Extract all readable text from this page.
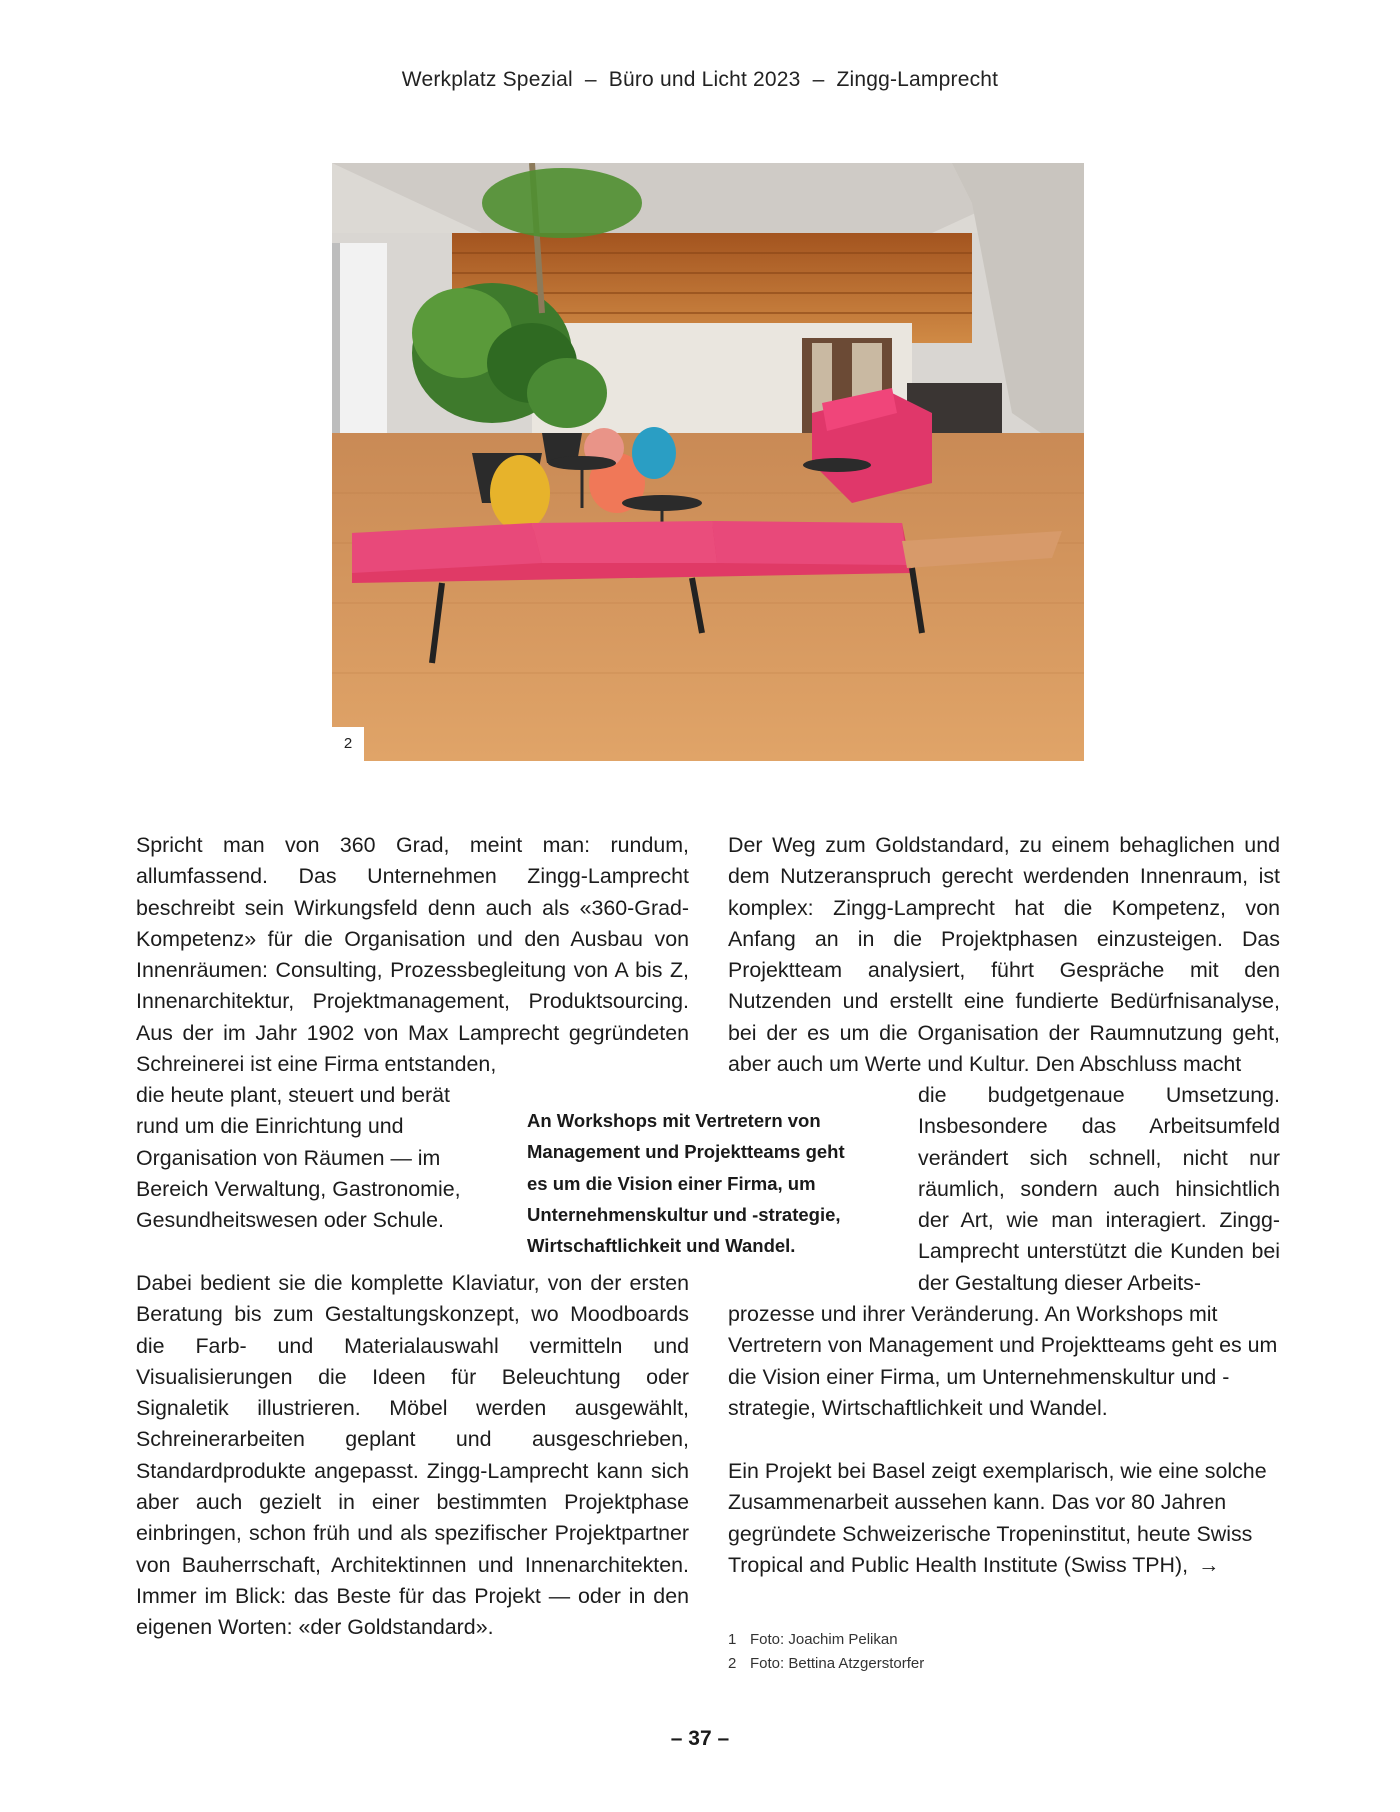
Werkplatz Spezial – Büro und Licht 2023 – Zingg-Lamprecht
2

Spricht man von 360 Grad, meint man: rundum, allumfassend. Das Unternehmen Zingg-Lamprecht beschreibt sein Wirkungsfeld denn auch als «360-Grad-Kompetenz» für die Organisation und den Ausbau von Innenräumen: Consulting, Prozessbegleitung von A bis Z, Innenarchitektur, Projektmanagement, Produktsourcing. Aus der im Jahr 1902 von Max Lamprecht gegründeten Schreinerei ist eine Firma entstanden,

die heute plant, steuert und berät rund um die Einrichtung und Organisation von Räumen — im Bereich Verwaltung, Gastronomie, Gesundheitswesen oder Schule.

Dabei bedient sie die komplette Klaviatur, von der ersten Beratung bis zum Gestaltungskonzept, wo Moodboards die Farb- und Materialauswahl vermitteln und Visualisierungen die Ideen für Beleuchtung oder Signaletik illustrieren. Möbel werden ausgewählt, Schreinerarbeiten geplant und ausgeschrieben, Standardprodukte angepasst. Zingg-Lamprecht kann sich aber auch gezielt in einer bestimmten Projektphase einbringen, schon früh und als spezifischer Projektpartner von Bauherrschaft, Architektinnen und Innenarchitekten. Immer im Blick: das Beste für das Projekt — oder in den eigenen Worten: «der Goldstandard».

Der Weg zum Goldstandard, zu einem behaglichen und dem Nutzeranspruch gerecht werdenden Innenraum, ist komplex: Zingg-Lamprecht hat die Kompetenz, von Anfang an in die Projektphasen einzusteigen. Das Projektteam analysiert, führt Gespräche mit den Nutzenden und erstellt eine fundierte Bedürfnisanalyse, bei der es um die Organisation der Raumnutzung geht, aber auch um Werte und Kultur. Den Abschluss macht

die budgetgenaue Umsetzung. Insbesondere das Arbeitsumfeld verändert sich schnell, nicht nur räumlich, sondern auch hinsichtlich der Art, wie man interagiert. Zingg-Lamprecht unterstützt die Kunden bei der Gestaltung dieser Arbeits-

prozesse und ihrer Veränderung. An Workshops mit Vertretern von Management und Projektteams geht es um die Vision einer Firma, um Unternehmenskultur und -strategie, Wirtschaftlichkeit und Wandel.

Ein Projekt bei Basel zeigt exemplarisch, wie eine solche Zusammenarbeit aussehen kann. Das vor 80 Jahren gegründete Schweizerische Tropeninstitut, heute Swiss Tropical and Public Health Institute (Swiss TPH), →

An Workshops mit Vertretern von

Management und Projektteams geht

es um die Vision einer Firma, um

Unternehmenskultur und -strategie,

Wirtschaftlichkeit und Wandel.

1 Foto: Joachim Pelikan
2 Foto: Bettina Atzgerstorfer
– 37 –
